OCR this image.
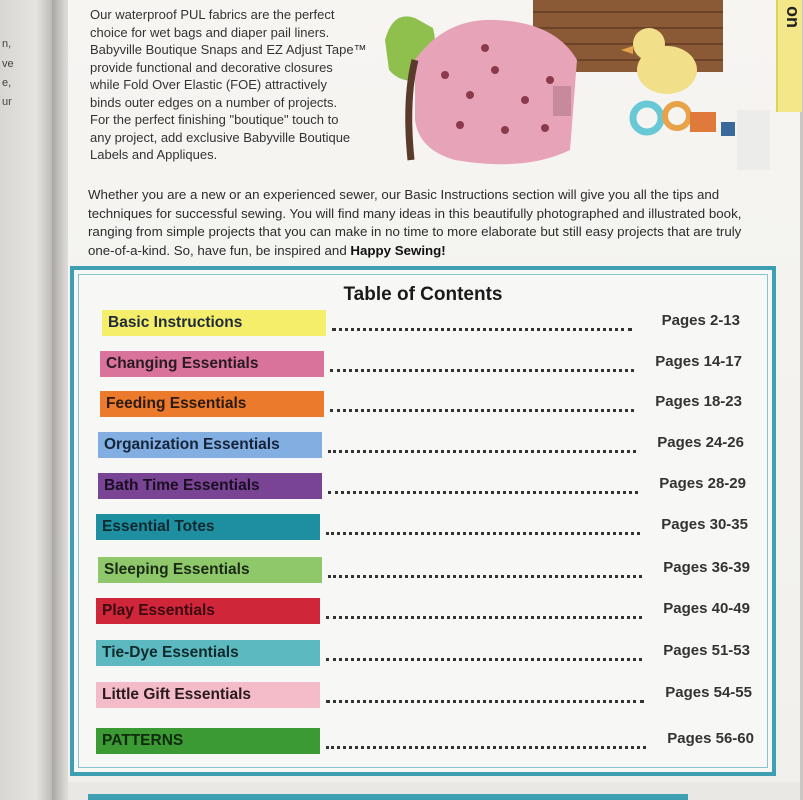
n,
ve
e,
ur
on
Our waterproof PUL fabrics are the perfect
choice for wet bags and diaper pail liners.
Babyville Boutique Snaps and EZ Adjust Tape™
provide functional and decorative closures
while Fold Over Elastic (FOE) attractively
binds outer edges on a number of projects.
For the perfect finishing "boutique" touch to
any project, add exclusive Babyville Boutique
Labels and Appliques.
Whether you are a new or an experienced sewer, our Basic Instructions section will give you all the tips and techniques for successful sewing. You will find many ideas in this beautifully photographed and illustrated book, ranging from simple projects that you can make in no time to more elaborate but still easy projects that are truly one-of-a-kind. So, have fun, be inspired and Happy Sewing!
Table of Contents
Basic Instructions	Pages 2-13
Changing Essentials	Pages 14-17
Feeding Essentials	Pages 18-23
Organization Essentials	Pages 24-26
Bath Time Essentials	Pages 28-29
Essential Totes	Pages 30-35
Sleeping Essentials	Pages 36-39
Play Essentials	Pages 40-49
Tie-Dye Essentials	Pages 51-53
Little Gift Essentials	Pages 54-55
PATTERNS	Pages 56-60
